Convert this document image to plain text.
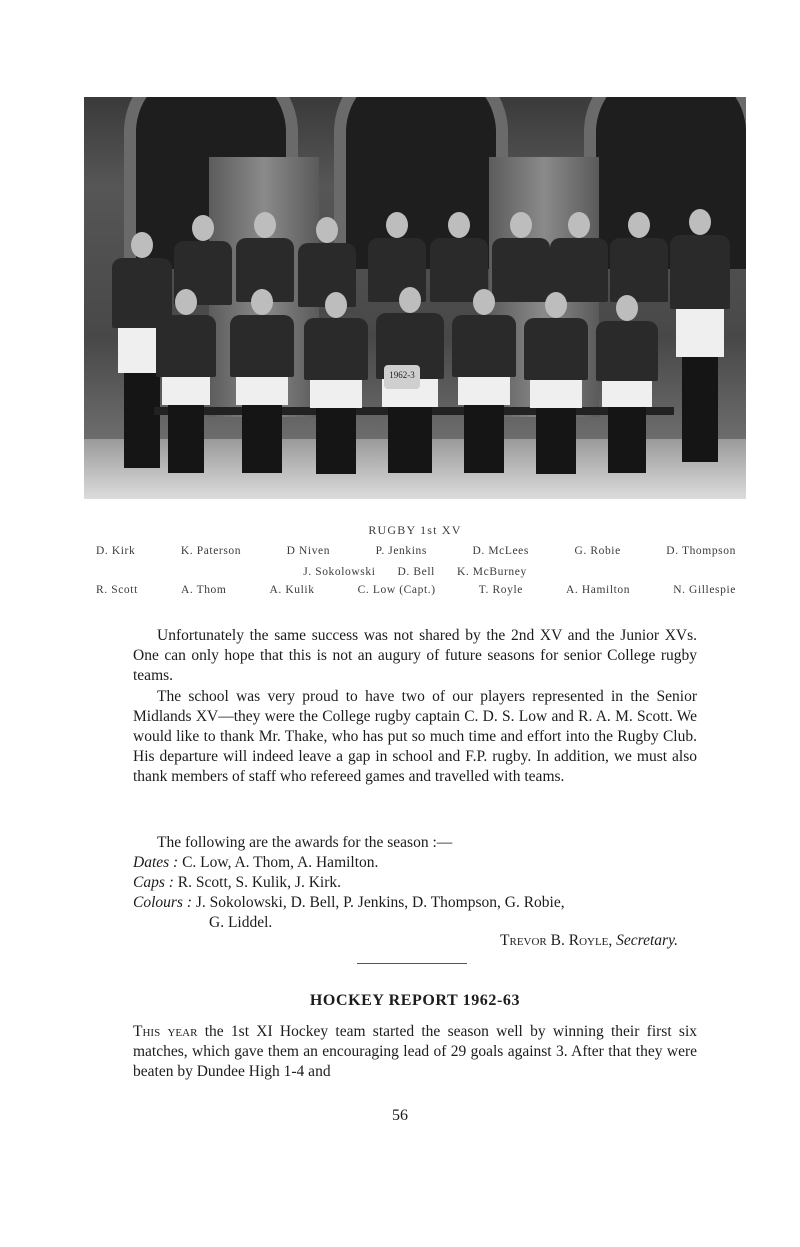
1962-3
RUGBY 1st XV
D. Kirk	K. Paterson	D Niven	P. Jenkins	D. McLees	G. Robie	D. Thompson
J. Sokolowski D. Bell K. McBurney
R. Scott	A. Thom	A. Kulik	C. Low (Capt.)	T. Royle	A. Hamilton	N. Gillespie

Unfortunately the same success was not shared by the 2nd XV and the Junior XVs. One can only hope that this is not an augury of future seasons for senior College rugby teams.

The school was very proud to have two of our players represented in the Senior Midlands XV—they were the College rugby captain C. D. S. Low and R. A. M. Scott. We would like to thank Mr. Thake, who has put so much time and effort into the Rugby Club. His departure will indeed leave a gap in school and F.P. rugby. In addition, we must also thank members of staff who refereed games and travelled with teams.

The following are the awards for the season :—
Dates : C. Low, A. Thom, A. Hamilton.
Caps : R. Scott, S. Kulik, J. Kirk.
Colours : J. Sokolowski, D. Bell, P. Jenkins, D. Thompson, G. Robie,
G. Liddel.
Trevor B. Royle, Secretary.
HOCKEY REPORT 1962-63

This year the 1st XI Hockey team started the season well by winning their first six matches, which gave them an encouraging lead of 29 goals against 3. After that they were beaten by Dundee High 1-4 and

56
